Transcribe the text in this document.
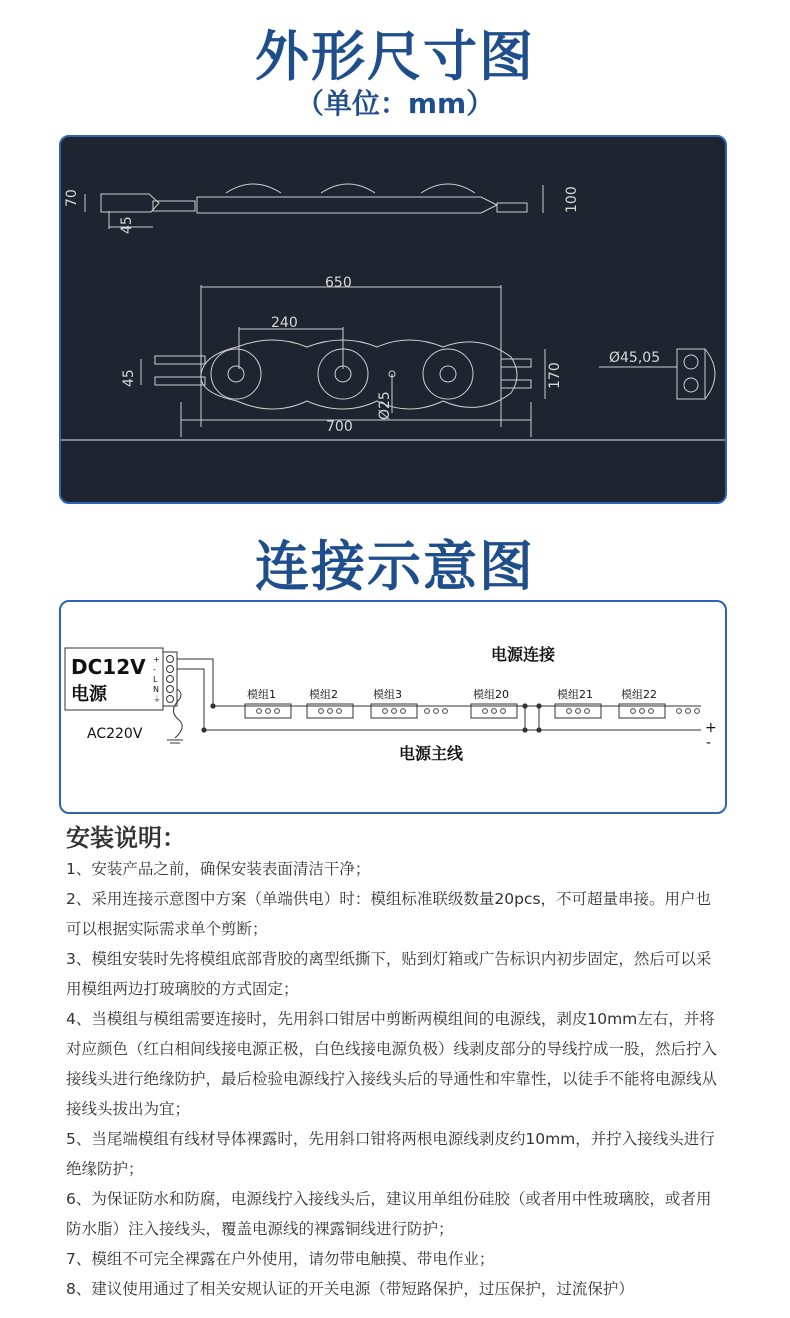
外形尺寸图
（单位：mm）
70
45
100
650
240
45	170
Ø25
700
Ø45,05
连接示意图
DC12V
电源
AC220V
+
-
L
N
⏚
电源连接
电源主线
模组1	模组2	模组3	模组20	模组21	模组22
+
-
安装说明：
1、安装产品之前，确保安装表面清洁干净；
2、采用连接示意图中方案（单端供电）时：模组标准联级数量20pcs，不可超量串接。用户也可以根据实际需求单个剪断；
3、模组安装时先将模组底部背胶的离型纸撕下，贴到灯箱或广告标识内初步固定，然后可以采用模组两边打玻璃胶的方式固定；
4、当模组与模组需要连接时，先用斜口钳居中剪断两模组间的电源线，剥皮10mm左右，并将对应颜色（红白相间线接电源正极，白色线接电源负极）线剥皮部分的导线拧成一股，然后拧入接线头进行绝缘防护，最后检验电源线拧入接线头后的导通性和牢靠性，以徒手不能将电源线从接线头拔出为宜；
5、当尾端模组有线材导体裸露时，先用斜口钳将两根电源线剥皮约10mm，并拧入接线头进行绝缘防护；
6、为保证防水和防腐，电源线拧入接线头后，建议用单组份硅胶（或者用中性玻璃胶，或者用防水脂）注入接线头，覆盖电源线的裸露铜线进行防护；
7、模组不可完全裸露在户外使用，请勿带电触摸、带电作业；
8、建议使用通过了相关安规认证的开关电源（带短路保护，过压保护，过流保护）
